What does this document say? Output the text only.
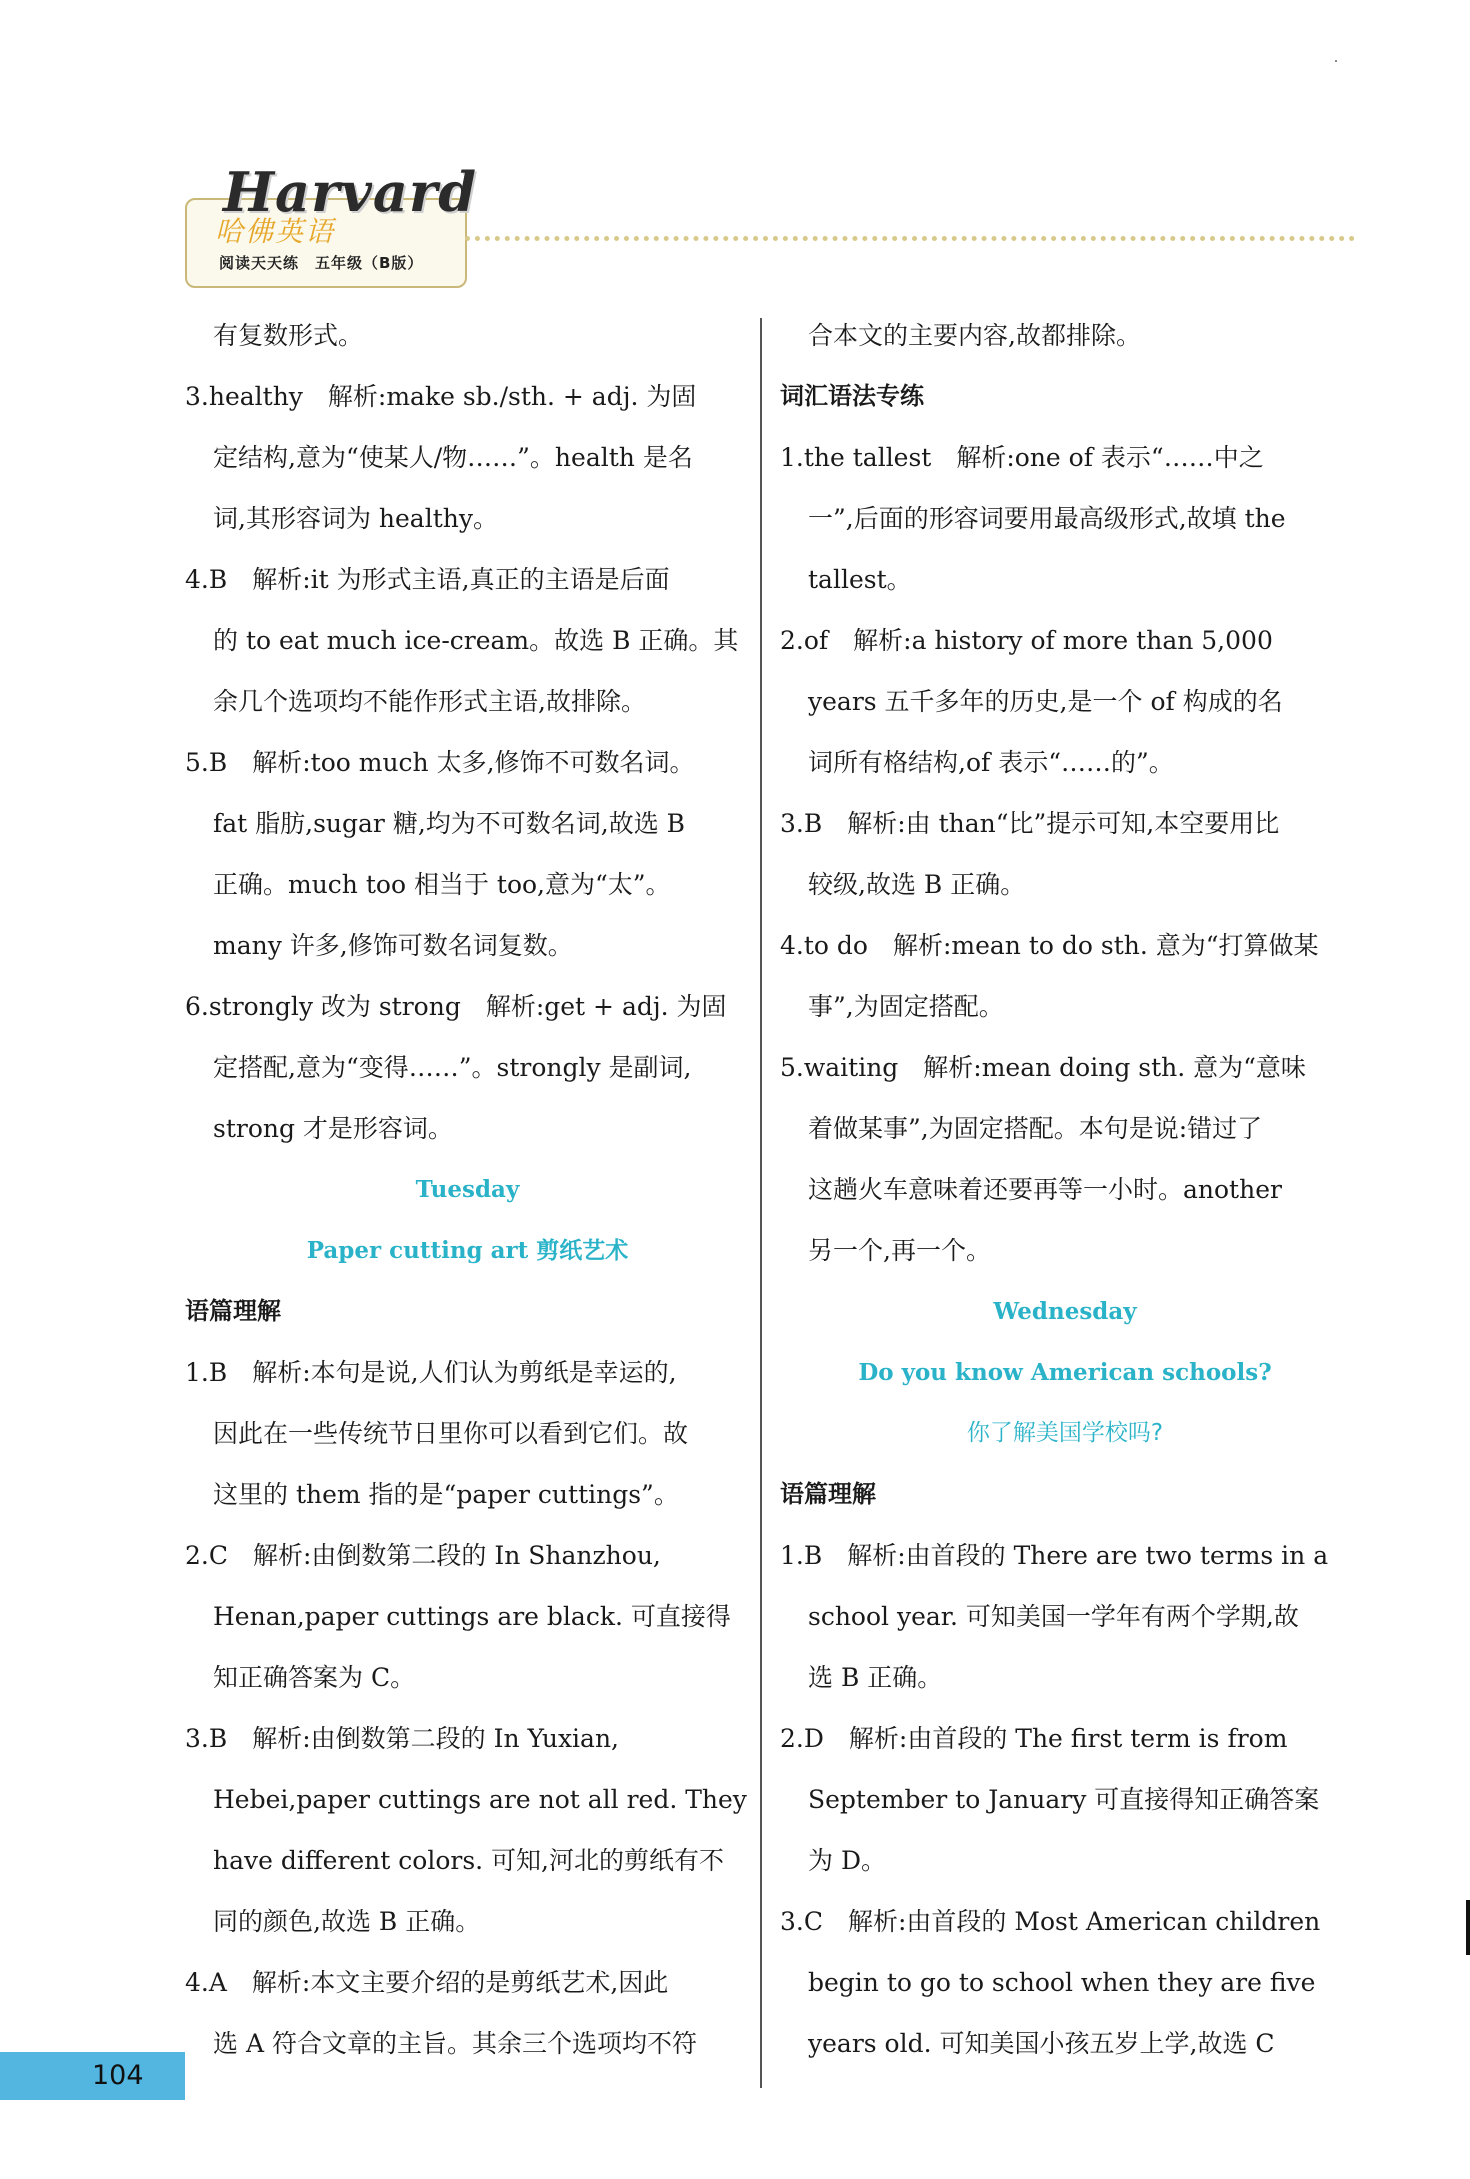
Harvard
哈佛英语
阅读天天练　五年级（B版）
有复数形式。
3.healthy　解析:make sb./sth. + adj. 为固
定结构,意为“使某人/物……”。health 是名
词,其形容词为 healthy。
4.B　解析:it 为形式主语,真正的主语是后面
的 to eat much ice-cream。故选 B 正确。其
余几个选项均不能作形式主语,故排除。
5.B　解析:too much 太多,修饰不可数名词。
fat 脂肪,sugar 糖,均为不可数名词,故选 B
正确。much too 相当于 too,意为“太”。
many 许多,修饰可数名词复数。
6.strongly 改为 strong　解析:get + adj. 为固
定搭配,意为“变得……”。strongly 是副词,
strong 才是形容词。
Tuesday
Paper cutting art 剪纸艺术
语篇理解
1.B　解析:本句是说,人们认为剪纸是幸运的,
因此在一些传统节日里你可以看到它们。故
这里的 them 指的是“paper cuttings”。
2.C　解析:由倒数第二段的 In Shanzhou,
Henan,paper cuttings are black. 可直接得
知正确答案为 C。
3.B　解析:由倒数第二段的 In Yuxian,
Hebei,paper cuttings are not all red. They
have different colors. 可知,河北的剪纸有不
同的颜色,故选 B 正确。
4.A　解析:本文主要介绍的是剪纸艺术,因此
选 A 符合文章的主旨。其余三个选项均不符
合本文的主要内容,故都排除。
词汇语法专练
1.the tallest　解析:one of 表示“……中之
一”,后面的形容词要用最高级形式,故填 the
tallest。
2.of　解析:a history of more than 5,000
years 五千多年的历史,是一个 of 构成的名
词所有格结构,of 表示“……的”。
3.B　解析:由 than“比”提示可知,本空要用比
较级,故选 B 正确。
4.to do　解析:mean to do sth. 意为“打算做某
事”,为固定搭配。
5.waiting　解析:mean doing sth. 意为“意味
着做某事”,为固定搭配。本句是说:错过了
这趟火车意味着还要再等一小时。another
另一个,再一个。
Wednesday
Do you know American schools?
你了解美国学校吗?
语篇理解
1.B　解析:由首段的 There are two terms in a
school year. 可知美国一学年有两个学期,故
选 B 正确。
2.D　解析:由首段的 The first term is from
September to January 可直接得知正确答案
为 D。
3.C　解析:由首段的 Most American children
begin to go to school when they are five
years old. 可知美国小孩五岁上学,故选 C
104
